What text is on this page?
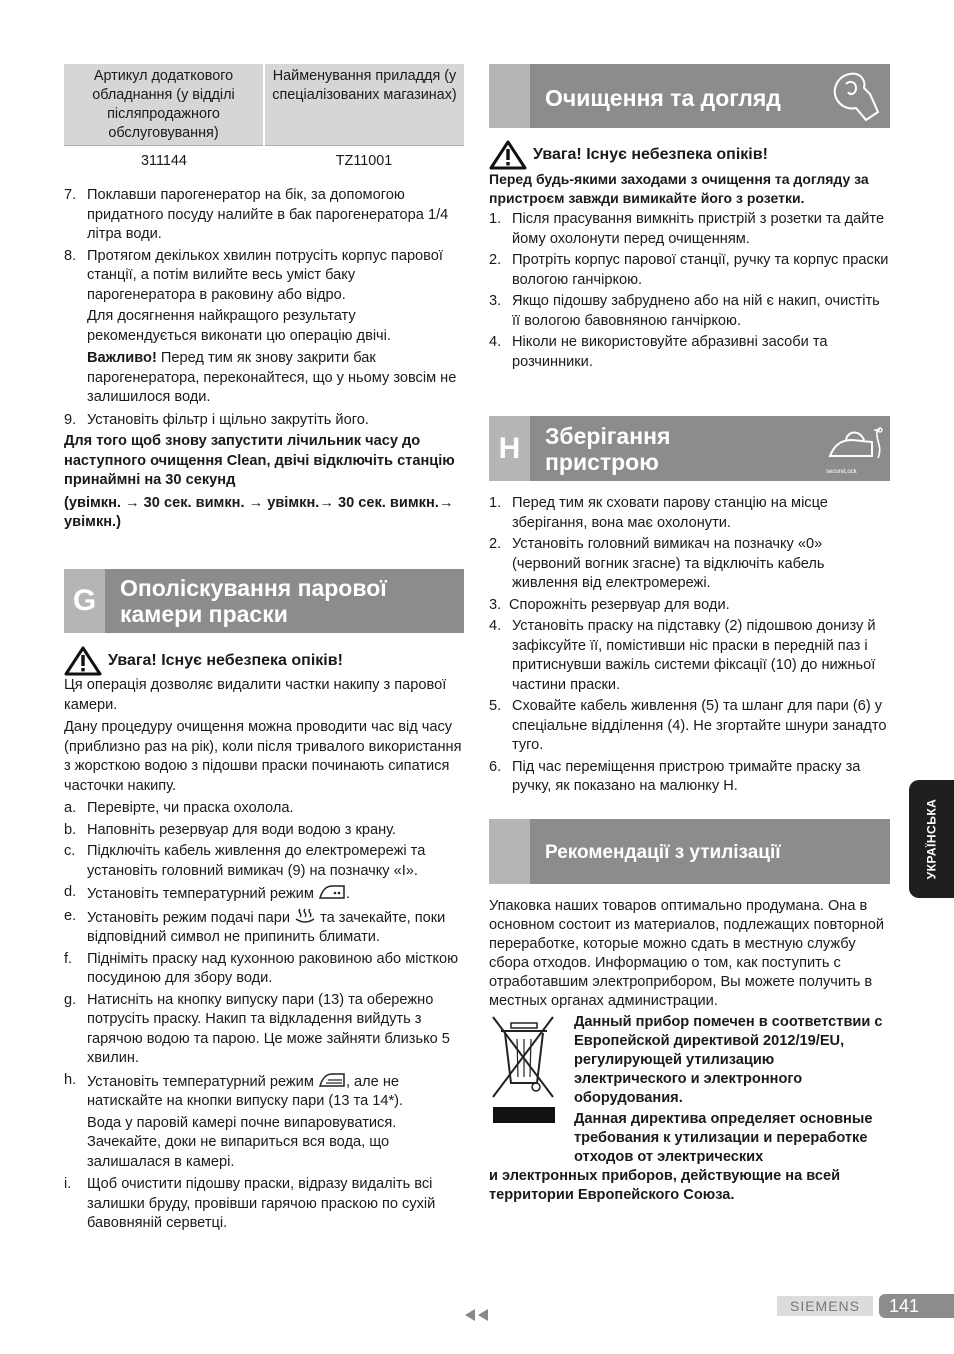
Артикул додаткового обладнання (у відділі післяпродажного обслуговування)	Найменування приладдя (у спеціалізованих магазинах)
311144	TZ11001
7. Поклавши парогенератор на бік, за допомогою придатного посуду налийте в бак парогенератора 1/4 літра води.
8. Протягом декількох хвилин потрусіть корпус парової станції, а потім вилийте весь уміст баку парогенератора в раковину або відро.

Для досягнення найкращого результату рекомендується виконати цю операцію двічі.

Важливо! Перед тим як знову закрити бак парогенератора, переконайтеся, що у ньому зовсім не залишилося води.

9. Установіть фільтр і щільно закрутіть його.

Для того щоб знову запустити лічильник часу до наступного очищення Clean, двічі відключіть станцію принаймні на 30 секунд

(увімкн. → 30 сек. вимкн. → увімкн.→ 30 сек. вимкн.→ увімкн.)

G	Ополіскування парової камери праски
Увага! Існує небезпека опіків!

Ця операція дозволяє видалити частки накипу з парової камери.

Дану процедуру очищення можна проводити час від часу (приблизно раз на рік), коли після тривалого використання з жорсткою водою з підошви праски починають сипатися часточки накипу.

a. Перевірте, чи праска охолола.
b. Наповніть резервуар для води водою з крану.
c. Підключіть кабель живлення до електромережі та установіть головний вимикач (9) на позначку «I».
d. Установіть температурний режим .
e. Установіть режим подачі пари  та зачекайте, поки відповідний символ не припинить блимати.
f. Підніміть праску над кухонною раковиною або місткою посудиною для збору води.
g. Натисніть на кнопку випуску пари (13) та обережно потрусіть праску. Накип та відкладення вийдуть з гарячою водою та парою. Це може зайняти близько 5 хвилин.
h. Установіть температурний режим , але не натискайте на кнопки випуску пари (13 та 14*).

Вода у паровій камері почне випаровуватися. Зачекайте, доки не випариться вся вода, що залишалася в камері.

i. Щоб очистити підошву праски, відразу видаліть всі залишки бруду, провівши гарячою праскою по сухій бавовняній серветці.
Очищення та догляд
Увага! Існує небезпека опіків!

Перед будь-якими заходами з очищення та догляду за пристроєм завжди вимикайте його з розетки.

1. Після прасування вимкніть пристрій з розетки та дайте йому охолонути перед очищенням.
2. Протріть корпус парової станції, ручку та корпус праски вологою ганчіркою.
3. Якщо підошву забруднено або на ній є накип, очистіть її вологою бавовняною ганчіркою.
4. Ніколи не використовуйте абразивні засоби та розчинники.
H	Зберігання
пристрою	secureLock
1. Перед тим як сховати парову станцію на місце зберігання, вона має охолонути.
2. Установіть головний вимикач на позначку «0» (червоний вогник згасне) та відключіть кабель живлення від електромережі.
3. Спорожніть резервуар для води.
4. Установіть праску на підставку (2) підошвою донизу й зафіксуйте її, помістивши ніс праски в передній паз і притиснувши важіль системи фіксації (10) до нижньої частини праски.
5. Сховайте кабель живлення (5) та шланг для пари (6) у спеціальне відділення (4). Не згортайте шнури занадто туго.
6. Під час переміщення пристрою тримайте праску за ручку, як показано на малюнку H.
Рекомендації з утилізації

Упаковка наших товаров оптимально продумана. Она в основном состоит из материалов, подлежащих повторной переработке, которые можно сдать в местную службу сбора отходов. Информацию о том, как поступить с отработавшим электроприбором, Вы можете получить в местных органах администрации.

Данный прибор помечен в соответствии с Европейской директивой 2012/19/EU, регулирующей утилизацию электрического и электронного оборудования.

Данная директива определяет основные требования к утилизации и переработке отходов от электрических

и электронных приборов, действующие на всей территории Европейского Союза.

УКРАЇНСЬКА
SIEMENS	141
